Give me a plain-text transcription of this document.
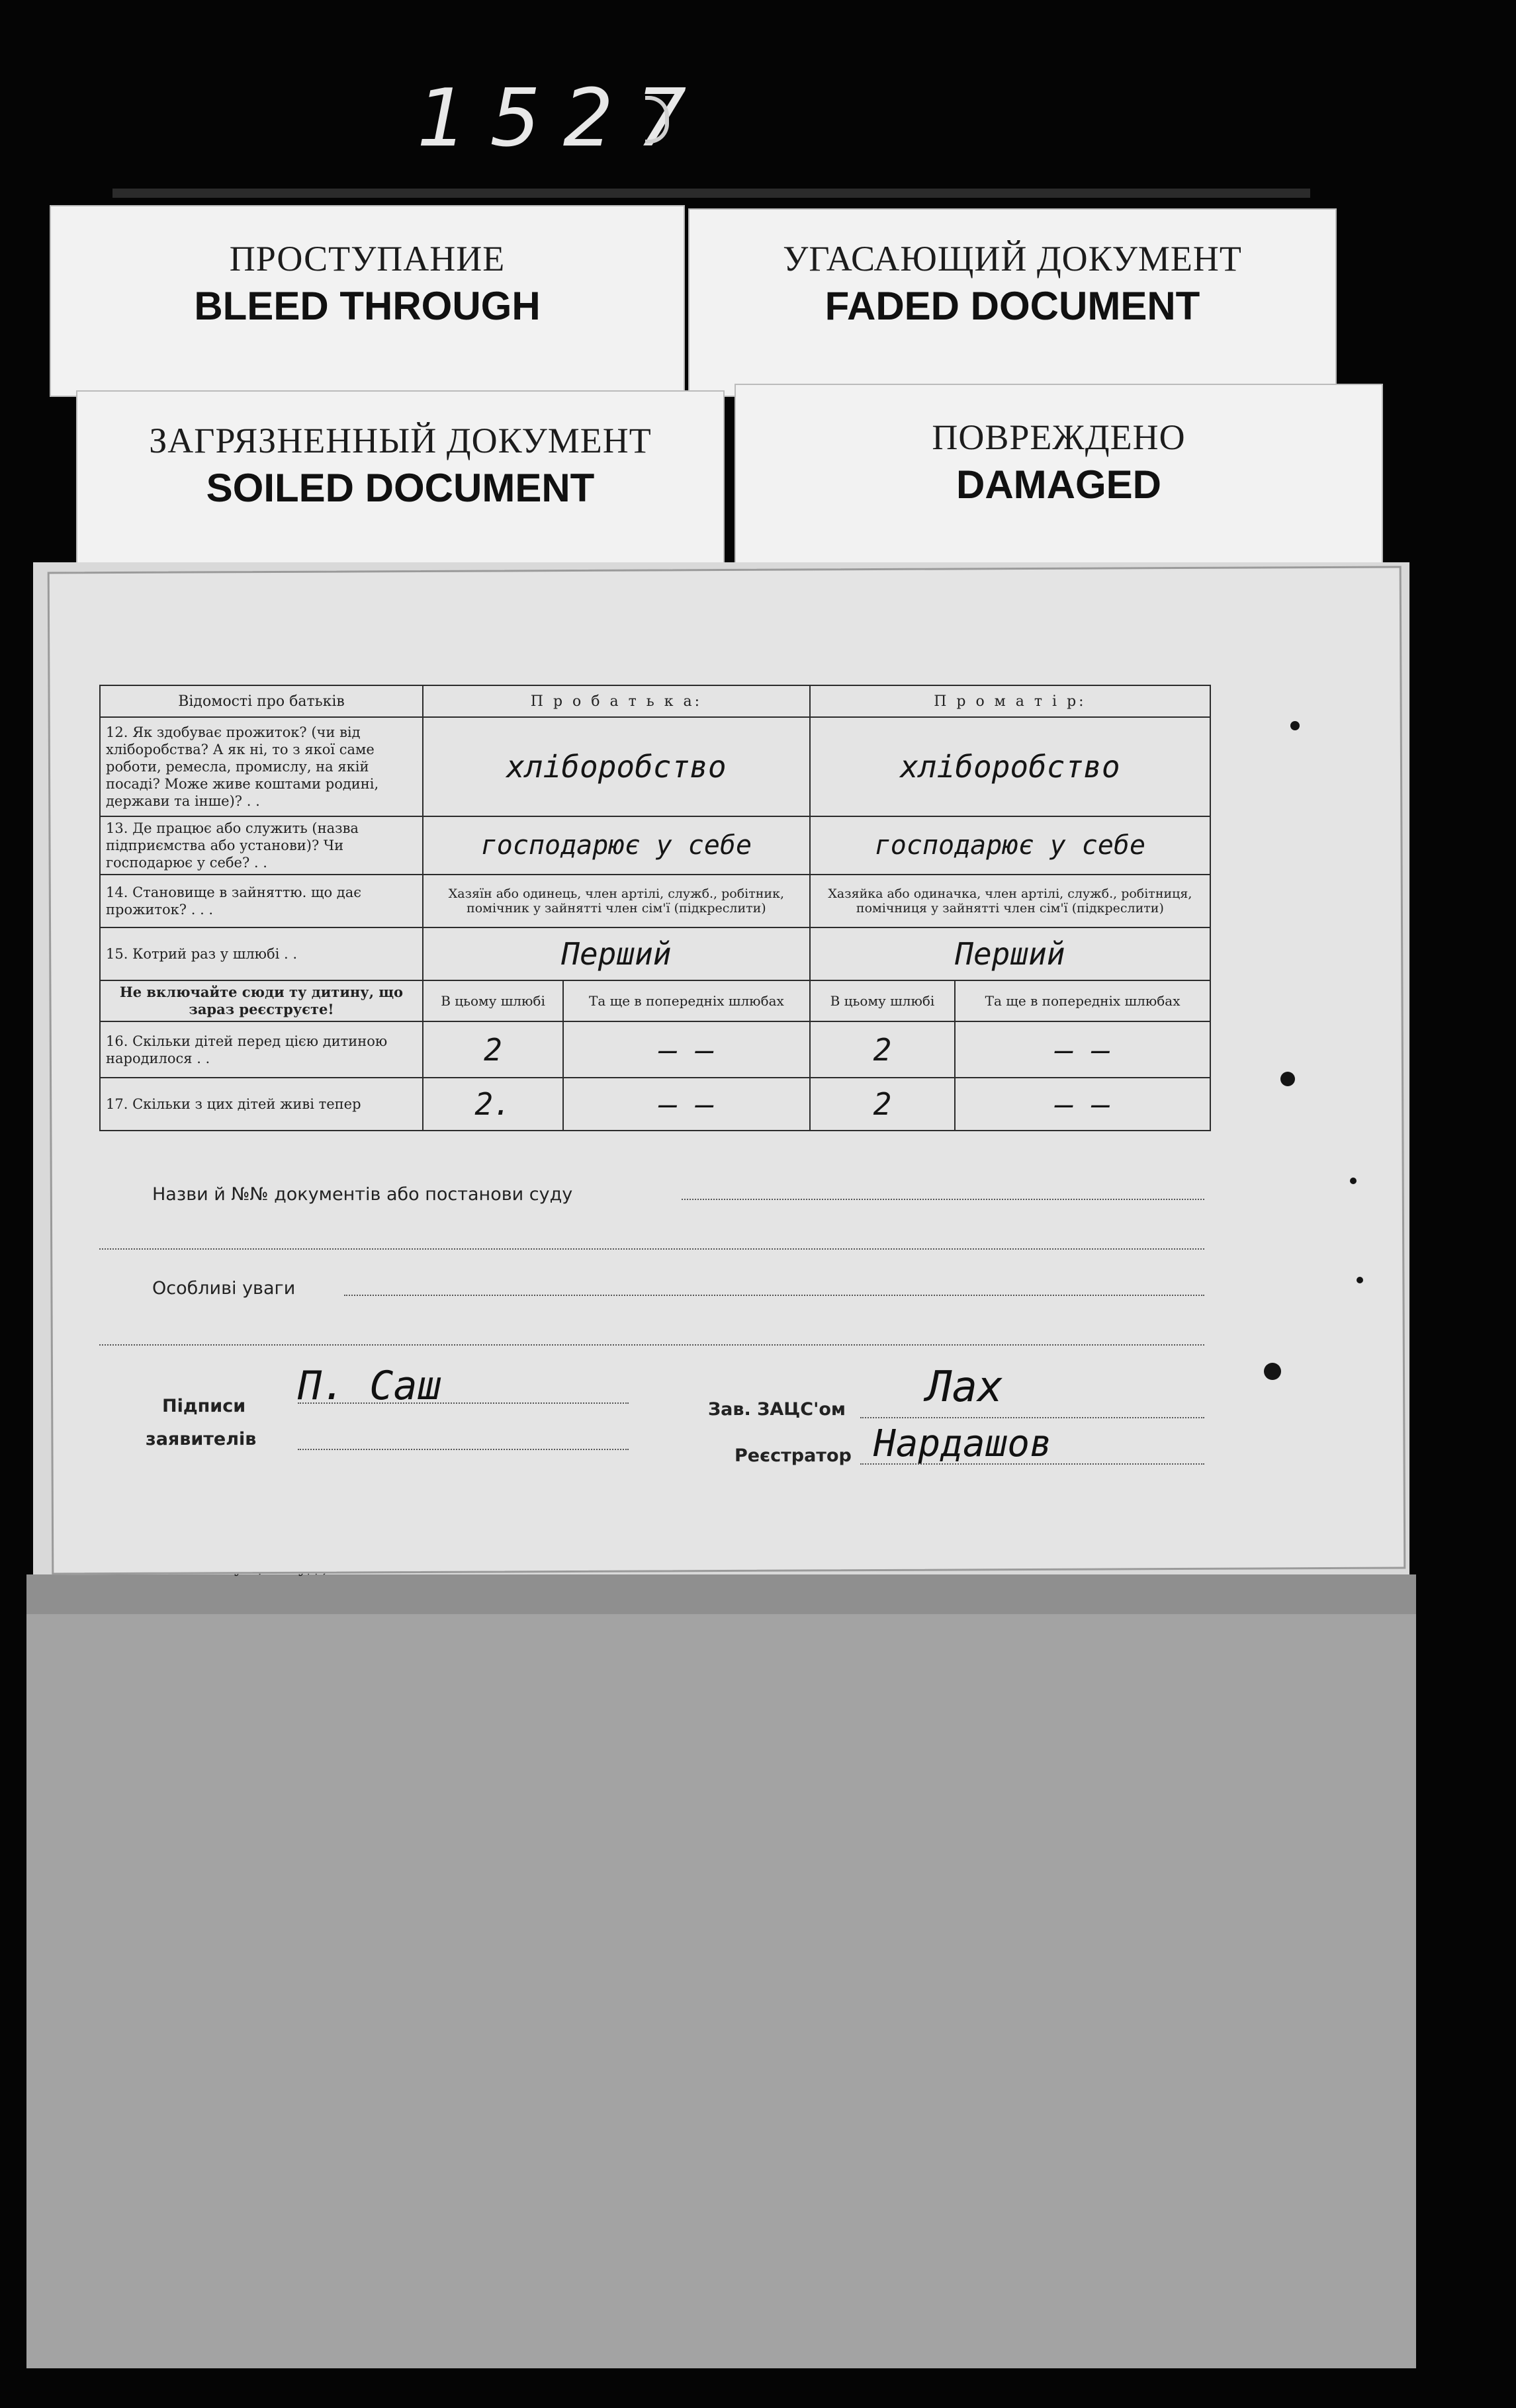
1527
ПРОСТУПАНИЕ
BLEED THROUGH
УГАСАЮЩИЙ ДОКУМЕНТ
FADED DOCUMENT
ЗАГРЯЗНЕННЫЙ ДОКУМЕНТ
SOILED DOCUMENT
ПОВРЕЖДЕНО
DAMAGED
Відомості про батьків	П р о б а т ь к а:		П р о м а т і р:	
12. Як здобуває прожиток? (чи від хліборобства? А як ні, то з якої саме роботи, ремесла, промислу, на якій посаді? Може живе коштами родині, держави та інше)? . .	хліборобство		хліборобство	
13. Де працює або служить (назва підприємства або установи)? Чи господарює у себе? . .	господарює у себе		господарює у себе	
14. Становище в зайняттю. що дає прожиток? . . .	Хазяїн або одинець, член артілі, служб., робітник, помічник у зайнятті член сім'ї (підкреслити)		Хазяйка або одиначка, член артілі, служб., робітниця, помічниця у зайнятті член сім'ї (підкреслити)	
15. Котрий раз у шлюбі . .	Перший		Перший	
Не включайте сюди ту дитину, що зараз реєструєте!	В цьому шлюбі	Та ще в попередніх шлюбах	В цьому шлюбі	Та ще в попередніх шлюбах
16. Скільки дітей перед цією дитиною народилося . .	2	— —	2	— —
17. Скільки з цих дітей живі тепер	2.	— —	2	— —
Назви й №№ документів або постанови суду
Особливі уваги
Підписи
заявителів
П. Саш
Зав. ЗАЦС'ом Лах
Реєстратор Нардашов
